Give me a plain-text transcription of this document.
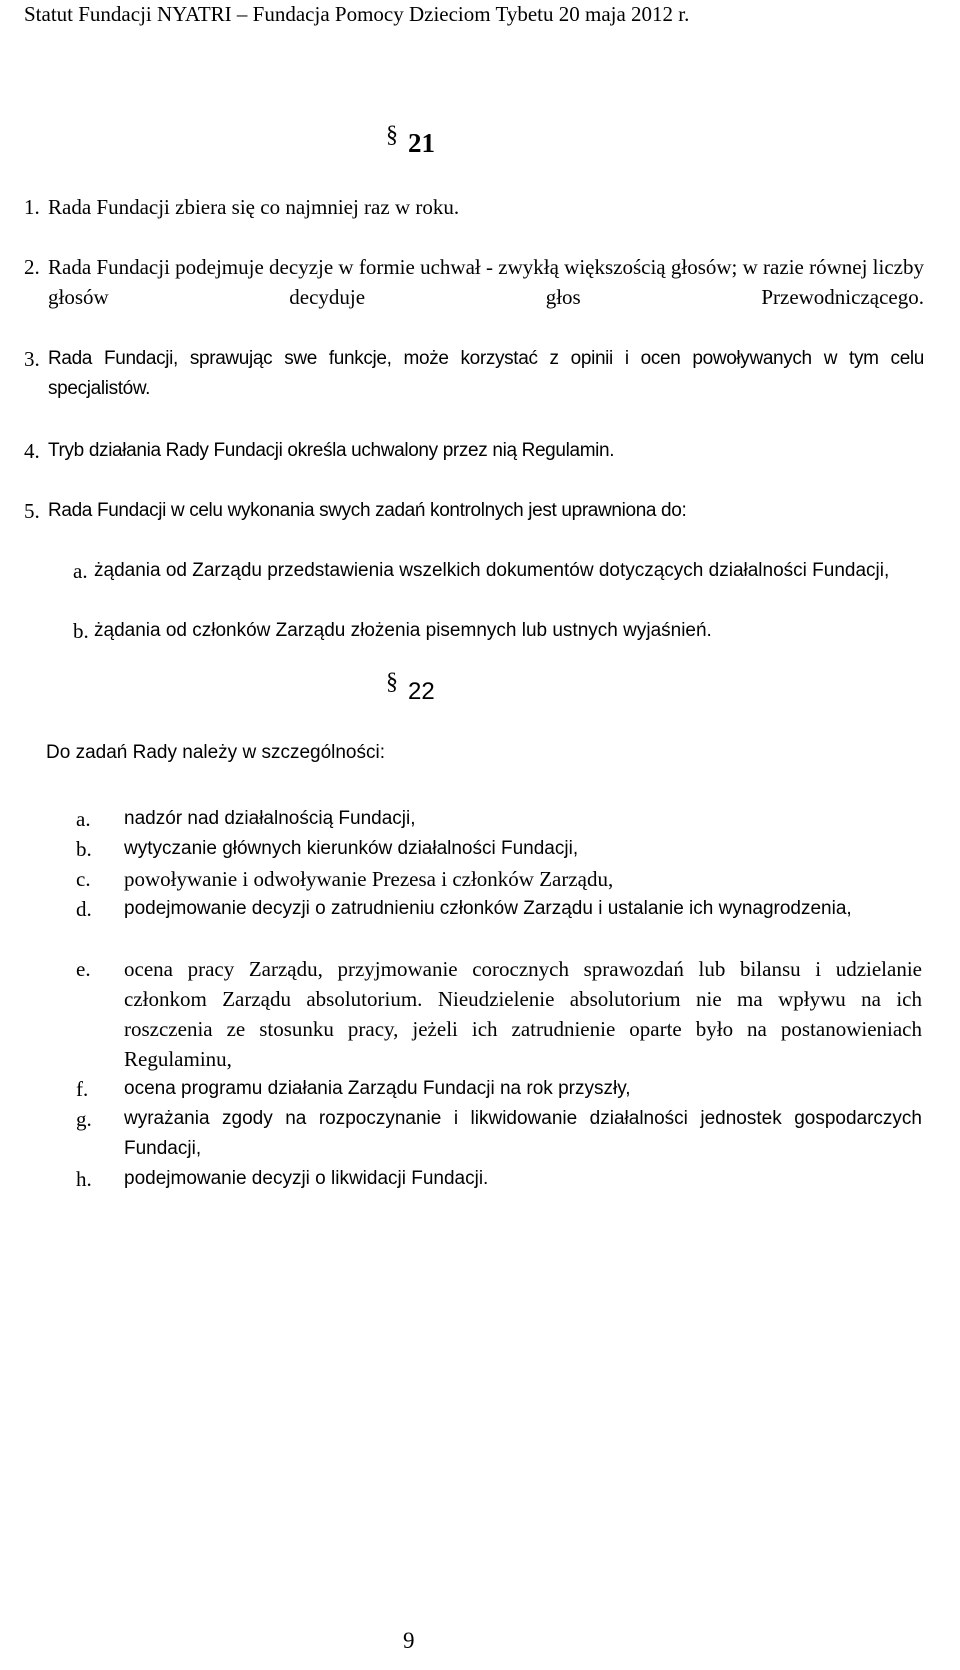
Statut Fundacji NYATRI – Fundacja Pomocy Dzieciom Tybetu 20 maja 2012 r.
§ 21
1. Rada Fundacji zbiera się co najmniej raz w roku.
2. Rada Fundacji podejmuje decyzje w formie uchwał - zwykłą większością głosów; w razie równej liczby głosów decyduje głos Przewodniczącego.
3. Rada Fundacji, sprawując swe funkcje, może korzystać z opinii i ocen powoływanych w tym celu specjalistów.
4. Tryb działania Rady Fundacji określa uchwalony przez nią Regulamin.
5. Rada Fundacji w celu wykonania swych zadań kontrolnych jest uprawniona do:
a. żądania od Zarządu przedstawienia wszelkich dokumentów dotyczących działalności Fundacji,
b. żądania od członków Zarządu złożenia pisemnych lub ustnych wyjaśnień.
§ 22
Do zadań Rady należy w szczególności:
a. nadzór nad działalnością Fundacji,
b. wytyczanie głównych kierunków działalności Fundacji,
c. powoływanie i odwoływanie Prezesa i członków Zarządu,
d. podejmowanie decyzji o zatrudnieniu członków Zarządu i ustalanie ich wynagrodzenia,
e. ocena pracy Zarządu, przyjmowanie corocznych sprawozdań lub bilansu i udzielanie członkom Zarządu absolutorium. Nieudzielenie absolutorium nie ma wpływu na ich roszczenia ze stosunku pracy, jeżeli ich zatrudnienie oparte było na postanowieniach Regulaminu,
f. ocena programu działania Zarządu Fundacji na rok przyszły,
g. wyrażania zgody na rozpoczynanie i likwidowanie działalności jednostek gospodarczych Fundacji,
h. podejmowanie decyzji o likwidacji Fundacji.
9
